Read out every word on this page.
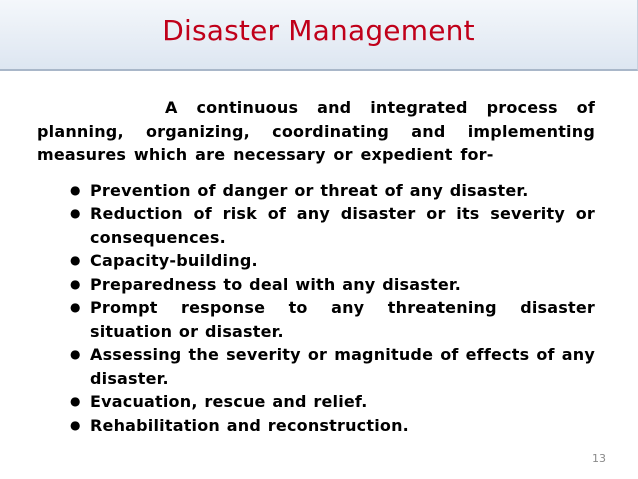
Disaster Management

A continuous and integrated process of planning, organizing, coordinating and implementing measures which are necessary or expedient for-

● Prevention of danger or threat of any disaster.
● Reduction of risk of any disaster or its severity or consequences.
● Capacity-building.
● Preparedness to deal with any disaster.
● Prompt response to any threatening disaster situation or disaster.
● Assessing the severity or magnitude of effects of any disaster.
● Evacuation, rescue and relief.
● Rehabilitation and reconstruction.
13
